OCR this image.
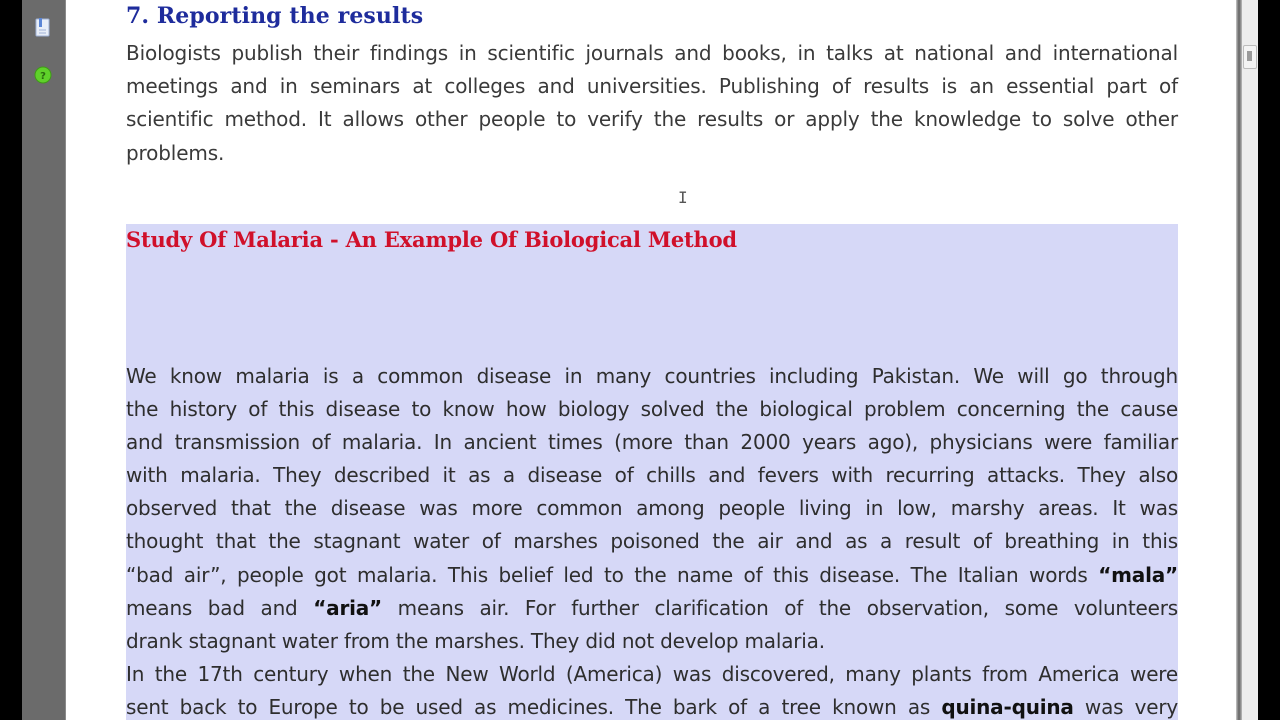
?
7. Reporting the results

Biologists publish their findings in scientific journals and books, in talks at national and international
meetings and in seminars at colleges and universities. Publishing of results is an essential part of
scientific method. It allows other people to verify the results or apply the knowledge to solve other
problems.

Study Of Malaria - An Example Of Biological Method

We know malaria is a common disease in many countries including Pakistan. We will go through
the history of this disease to know how biology solved the biological problem concerning the cause
and transmission of malaria. In ancient times (more than 2000 years ago), physicians were familiar
with malaria. They described it as a disease of chills and fevers with recurring attacks. They also
observed that the disease was more common among people living in low, marshy areas. It was
thought that the stagnant water of marshes poisoned the air and as a result of breathing in this
“bad air”, people got malaria. This belief led to the name of this disease. The Italian words “mala”
means bad and “aria” means air. For further clarification of the observation, some volunteers
drank stagnant water from the marshes. They did not develop malaria.
In the 17th century when the New World (America) was discovered, many plants from America were
sent back to Europe to be used as medicines. The bark of a tree known as quina-quina was very

I
